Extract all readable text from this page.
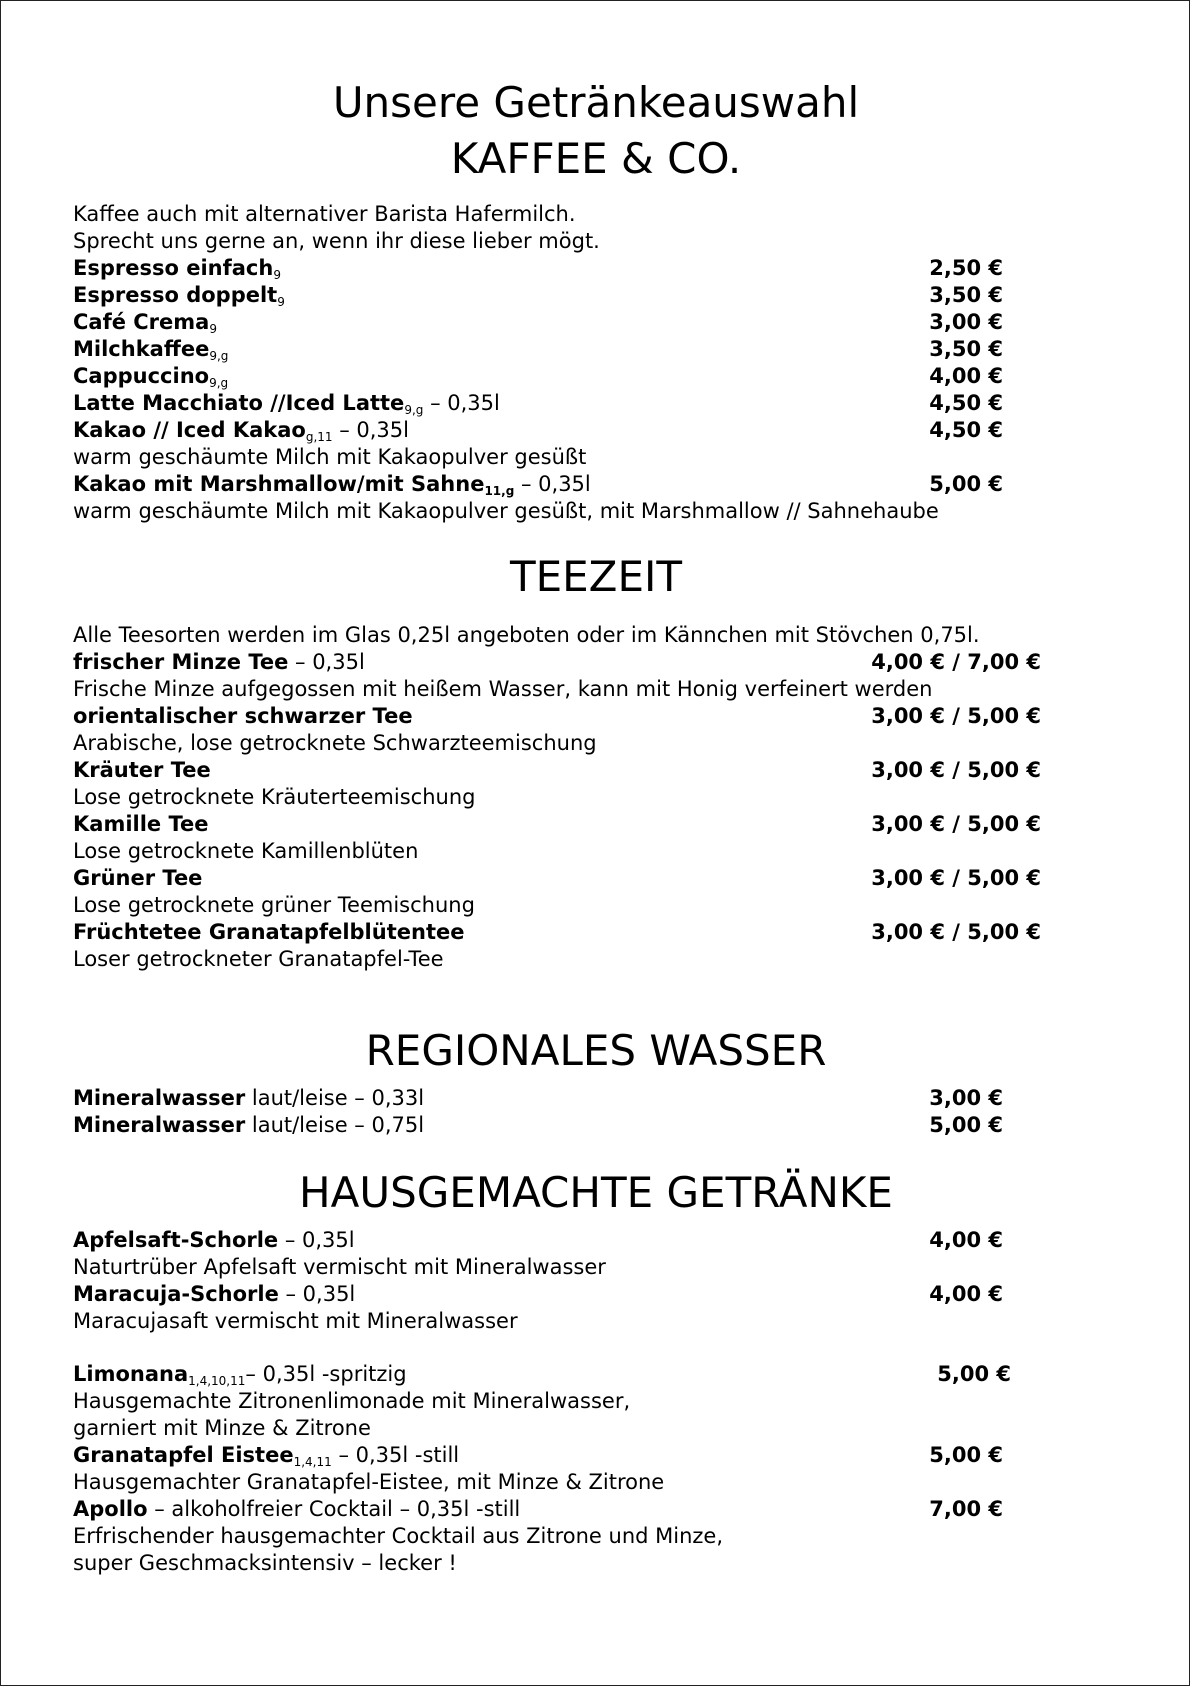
Unsere Getränkeauswahl
KAFFEE & CO.
Kaffee auch mit alternativer Barista Hafermilch.
Sprecht uns gerne an, wenn ihr diese lieber mögt.
Espresso einfach$_9$	2,50 €
Espresso doppelt$_9$	3,50 €
Café Crema$_9$	3,00 €
Milchkaffee$_{9,g}$	3,50 €
Cappuccino$_{9,g}$	4,00 €
Latte Macchiato //Iced Latte$_{9,g}$ – 0,35l	4,50 €
Kakao // Iced Kakao$_{g,11}$ – 0,35l	4,50 €
warm geschäumte Milch mit Kakaopulver gesüßt
Kakao mit Marshmallow/mit Sahne$_{11,g}$ – 0,35l	5,00 €
warm geschäumte Milch mit Kakaopulver gesüßt, mit Marshmallow // Sahnehaube
TEEZEIT
Alle Teesorten werden im Glas 0,25l angeboten oder im Kännchen mit Stövchen 0,75l.
frischer Minze Tee – 0,35l	4,00 € / 7,00 €
Frische Minze aufgegossen mit heißem Wasser, kann mit Honig verfeinert werden
orientalischer schwarzer Tee	3,00 € / 5,00 €
Arabische, lose getrocknete Schwarzteemischung
Kräuter Tee	3,00 € / 5,00 €
Lose getrocknete Kräuterteemischung
Kamille Tee	3,00 € / 5,00 €
Lose getrocknete Kamillenblüten
Grüner Tee	3,00 € / 5,00 €
Lose getrocknete grüner Teemischung
Früchtetee Granatapfelblütentee	3,00 € / 5,00 €
Loser getrockneter Granatapfel-Tee
REGIONALES WASSER
Mineralwasser laut/leise – 0,33l	3,00 €
Mineralwasser laut/leise – 0,75l	5,00 €
HAUSGEMACHTE GETRÄNKE
Apfelsaft-Schorle – 0,35l	4,00 €
Naturtrüber Apfelsaft vermischt mit Mineralwasser
Maracuja-Schorle – 0,35l	4,00 €
Maracujasaft vermischt mit Mineralwasser
Limonana$_{1,4,10,11}$– 0,35l -spritzig	5,00 €
Hausgemachte Zitronenlimonade mit Mineralwasser,
garniert mit Minze & Zitrone
Granatapfel Eistee$_{1,4,11}$ – 0,35l -still	5,00 €
Hausgemachter Granatapfel-Eistee, mit Minze & Zitrone
Apollo – alkoholfreier Cocktail – 0,35l -still	7,00 €
Erfrischender hausgemachter Cocktail aus Zitrone und Minze,
super Geschmacksintensiv – lecker !
